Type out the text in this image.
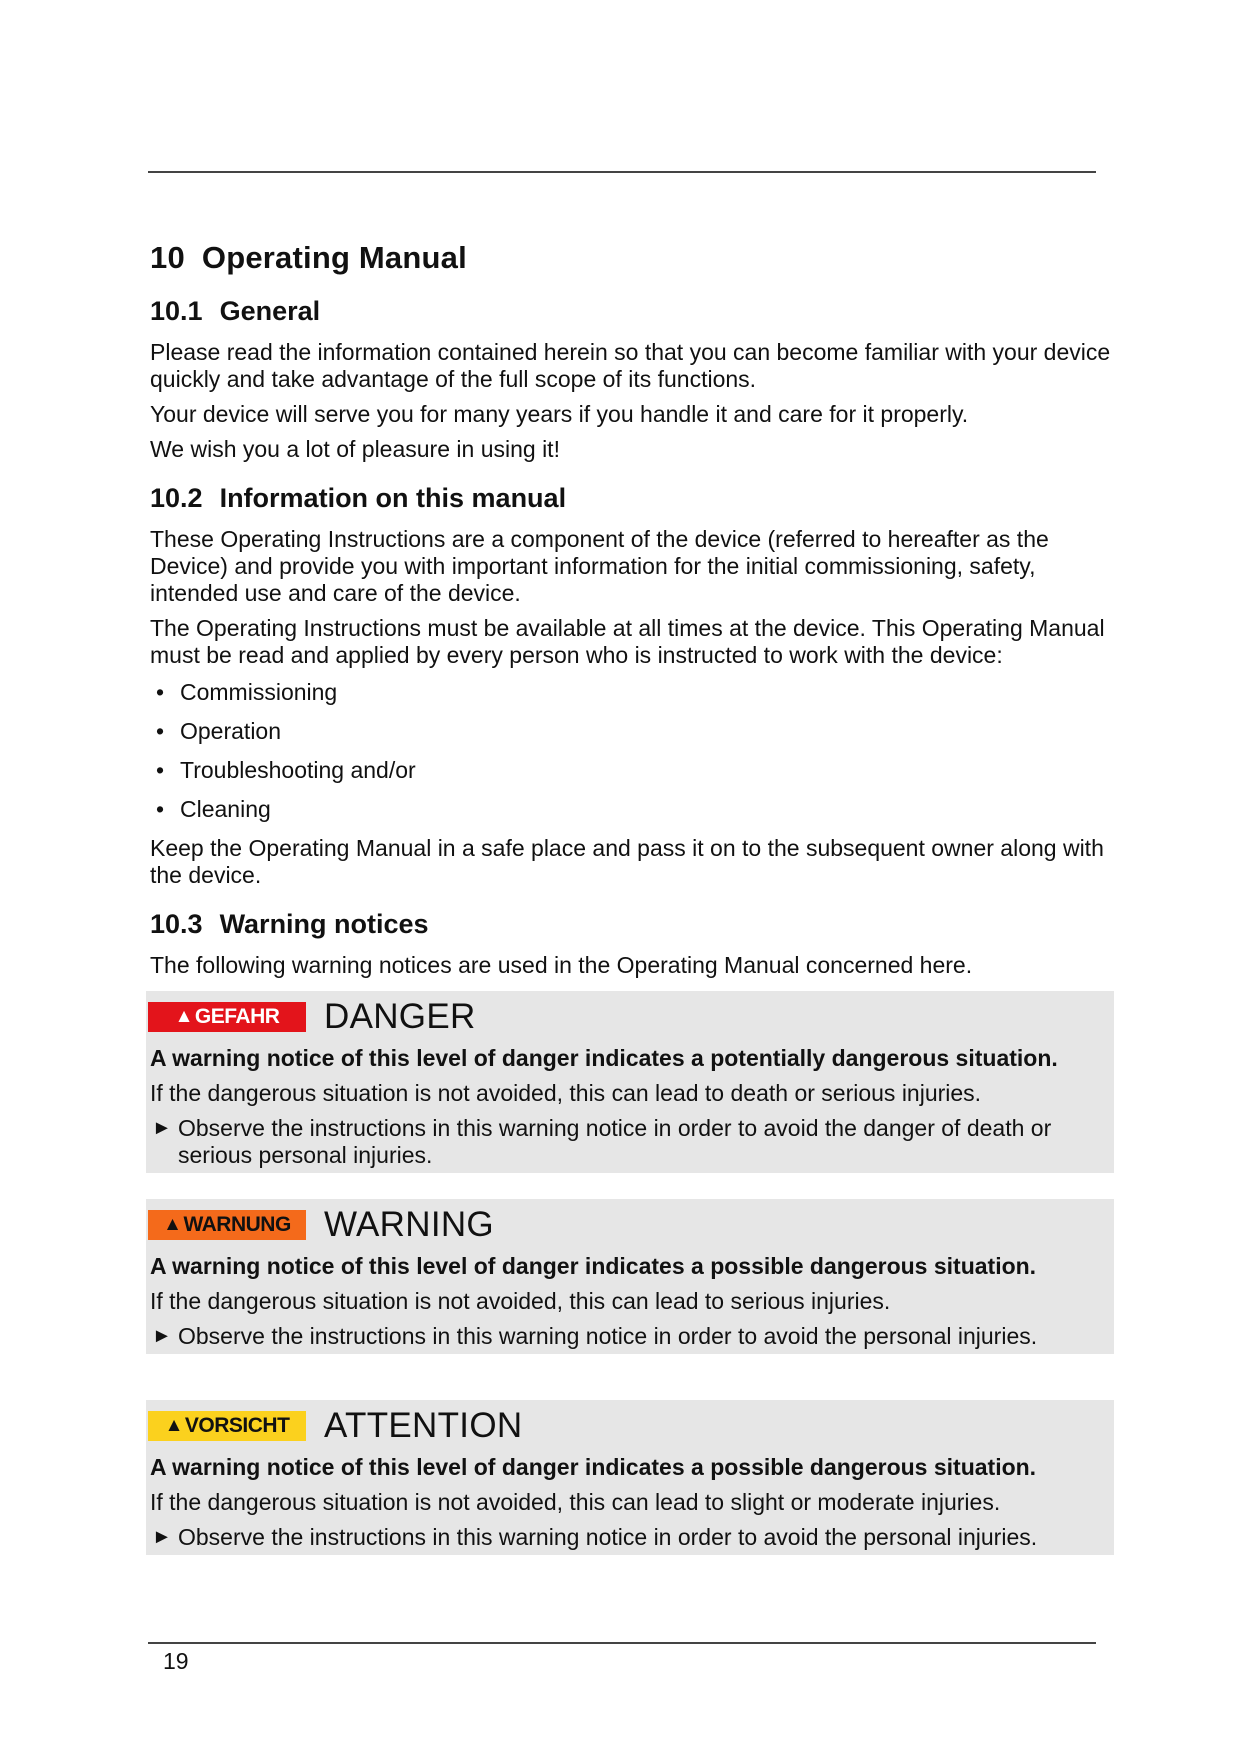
10 Operating Manual
10.1 General

Please read the information contained herein so that you can become familiar with your device quickly and take advantage of the full scope of its functions.

Your device will serve you for many years if you handle it and care for it properly.

We wish you a lot of pleasure in using it!

10.2 Information on this manual

These Operating Instructions are a component of the device (referred to hereafter as the Device) and provide you with important information for the initial commissioning, safety, intended use and care of the device.

The Operating Instructions must be available at all times at the device. This Operating Manual must be read and applied by every person who is instructed to work with the device:

• Commissioning
• Operation
• Troubleshooting and/or
• Cleaning

Keep the Operating Manual in a safe place and pass it on to the subsequent owner along with the device.

10.3 Warning notices

The following warning notices are used in the Operating Manual concerned here.

▲ GEFAHR DANGER
A warning notice of this level of danger indicates a potentially dangerous situation.
If the dangerous situation is not avoided, this can lead to death or serious injuries.
► Observe the instructions in this warning notice in order to avoid the danger of death or serious personal injuries.
▲ WARNUNG WARNING
A warning notice of this level of danger indicates a possible dangerous situation.
If the dangerous situation is not avoided, this can lead to serious injuries.
► Observe the instructions in this warning notice in order to avoid the personal injuries.
▲ VORSICHT ATTENTION
A warning notice of this level of danger indicates a possible dangerous situation.
If the dangerous situation is not avoided, this can lead to slight or moderate injuries.
► Observe the instructions in this warning notice in order to avoid the personal injuries.
19
